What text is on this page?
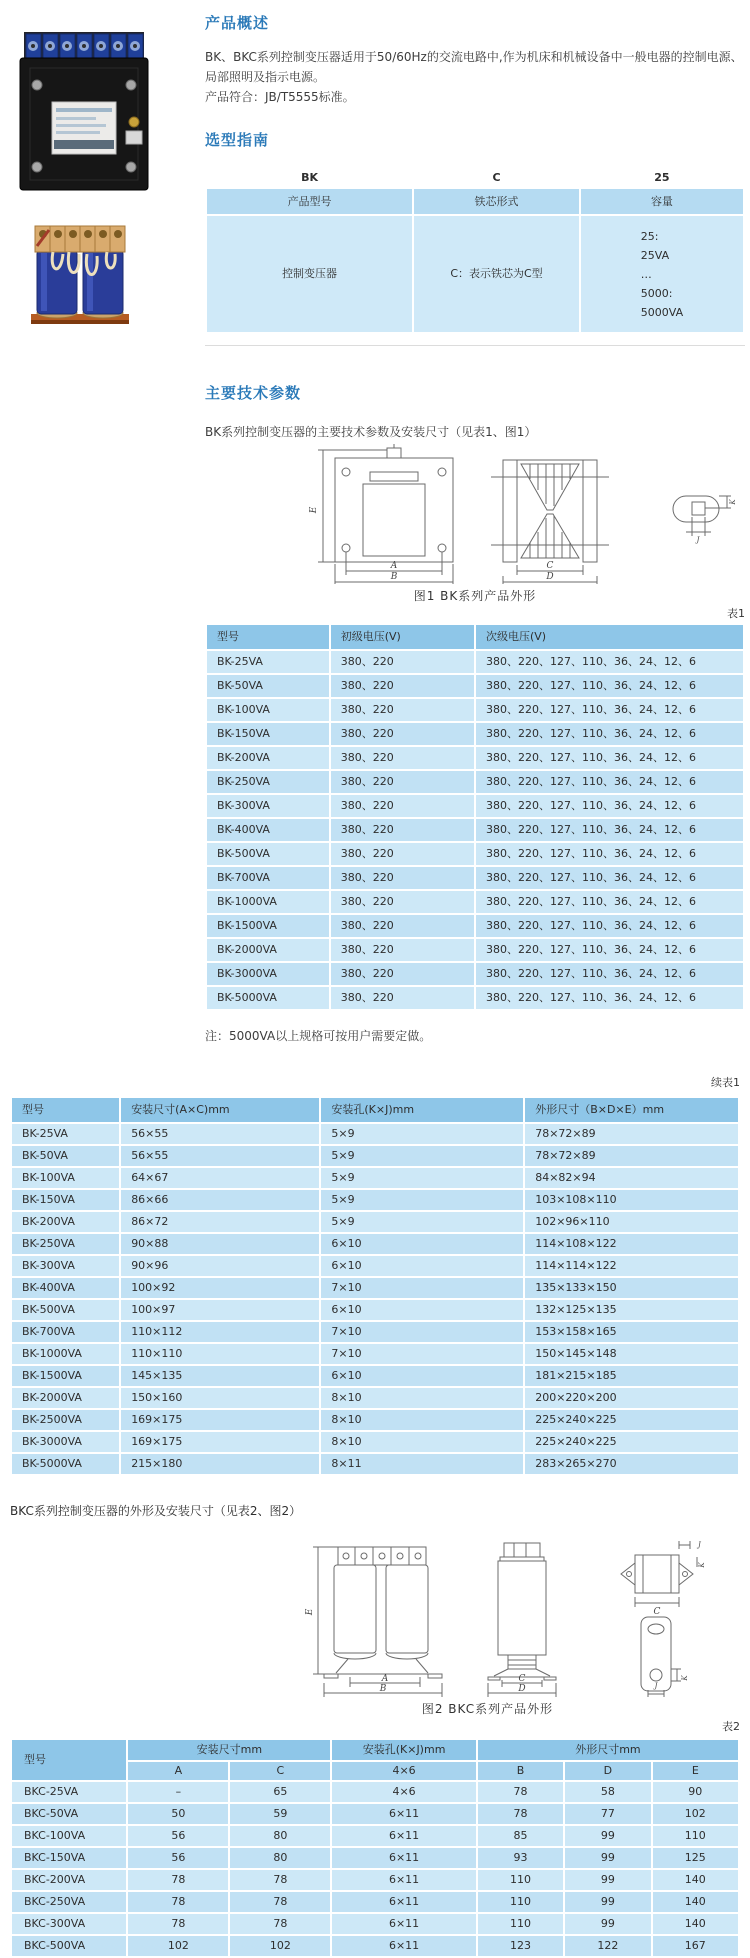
产品概述
BK、BKC系列控制变压器适用于50/60Hz的交流电路中,作为机床和机械设备中一般电器的控制电源、局部照明及指示电源。
产品符合：JB/T5555标准。
选型指南
BK	C	25
产品型号	铁芯形式	容量
控制变压器	C：表示铁芯为C型	25:
25VA
…
5000:
5000VA
主要技术参数
BK系列控制变压器的主要技术参数及安装尺寸（见表1、图1）
E
A
B
C
D
K
J
图1 BK系列产品外形
表1
型号	初级电压(V)	次级电压(V)
BK-25VA	380、220	380、220、127、110、36、24、12、6
BK-50VA	380、220	380、220、127、110、36、24、12、6
BK-100VA	380、220	380、220、127、110、36、24、12、6
BK-150VA	380、220	380、220、127、110、36、24、12、6
BK-200VA	380、220	380、220、127、110、36、24、12、6
BK-250VA	380、220	380、220、127、110、36、24、12、6
BK-300VA	380、220	380、220、127、110、36、24、12、6
BK-400VA	380、220	380、220、127、110、36、24、12、6
BK-500VA	380、220	380、220、127、110、36、24、12、6
BK-700VA	380、220	380、220、127、110、36、24、12、6
BK-1000VA	380、220	380、220、127、110、36、24、12、6
BK-1500VA	380、220	380、220、127、110、36、24、12、6
BK-2000VA	380、220	380、220、127、110、36、24、12、6
BK-3000VA	380、220	380、220、127、110、36、24、12、6
BK-5000VA	380、220	380、220、127、110、36、24、12、6
注：5000VA以上规格可按用户需要定做。
续表1
型号	安装尺寸(A×C)mm	安装孔(K×J)mm	外形尺寸（B×D×E）mm
BK-25VA	56×55	5×9	78×72×89
BK-50VA	56×55	5×9	78×72×89
BK-100VA	64×67	5×9	84×82×94
BK-150VA	86×66	5×9	103×108×110
BK-200VA	86×72	5×9	102×96×110
BK-250VA	90×88	6×10	114×108×122
BK-300VA	90×96	6×10	114×114×122
BK-400VA	100×92	7×10	135×133×150
BK-500VA	100×97	6×10	132×125×135
BK-700VA	110×112	7×10	153×158×165
BK-1000VA	110×110	7×10	150×145×148
BK-1500VA	145×135	6×10	181×215×185
BK-2000VA	150×160	8×10	200×220×200
BK-2500VA	169×175	8×10	225×240×225
BK-3000VA	169×175	8×10	225×240×225
BK-5000VA	215×180	8×11	283×265×270
BKC系列控制变压器的外形及安装尺寸（见表2、图2）
E
A
B
C
D
J
K
C
K
J
图2 BKC系列产品外形
表2
型号	安装尺寸mm		安装孔(K×J)mm	外形尺寸mm		
	A	C	4×6	B	D	E
BKC-25VA	–	65	4×6	78	58	90
BKC-50VA	50	59	6×11	78	77	102
BKC-100VA	56	80	6×11	85	99	110
BKC-150VA	56	80	6×11	93	99	125
BKC-200VA	78	78	6×11	110	99	140
BKC-250VA	78	78	6×11	110	99	140
BKC-300VA	78	78	6×11	110	99	140
BKC-500VA	102	102	6×11	123	122	167
